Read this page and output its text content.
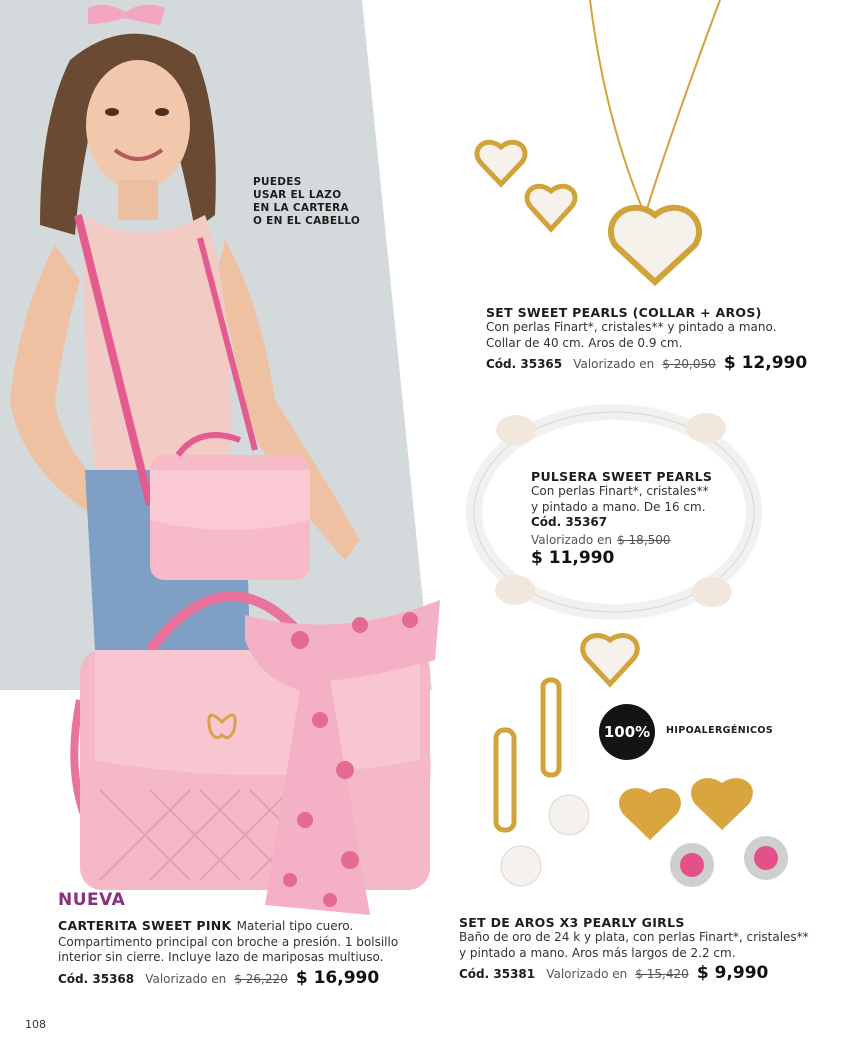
PUEDES
USAR EL LAZO
EN LA CARTERA
O EN EL CABELLO
SET SWEET PEARLS (COLLAR + AROS)
Con perlas Finart*, cristales** y pintado a mano.
Collar de 40 cm. Aros de 0.9 cm.
Cód. 35365 Valorizado en $ 20,050 $ 12,990
PULSERA SWEET PEARLS
Con perlas Finart*, cristales**
y pintado a mano. De 16 cm.
Cód. 35367
Valorizado en $ 18,500
$ 11,990
100%	HIPOALERGÉNICOS
NUEVA
CARTERITA SWEET PINK Material tipo cuero.
Compartimento principal con broche a presión. 1 bolsillo
interior sin cierre. Incluye lazo de mariposas multiuso.
Cód. 35368 Valorizado en $ 26,220 $ 16,990
SET DE AROS X3 PEARLY GIRLS
Baño de oro de 24 k y plata, con perlas Finart*, cristales**
y pintado a mano. Aros más largos de 2.2 cm.
Cód. 35381 Valorizado en $ 15,420 $ 9,990
108
